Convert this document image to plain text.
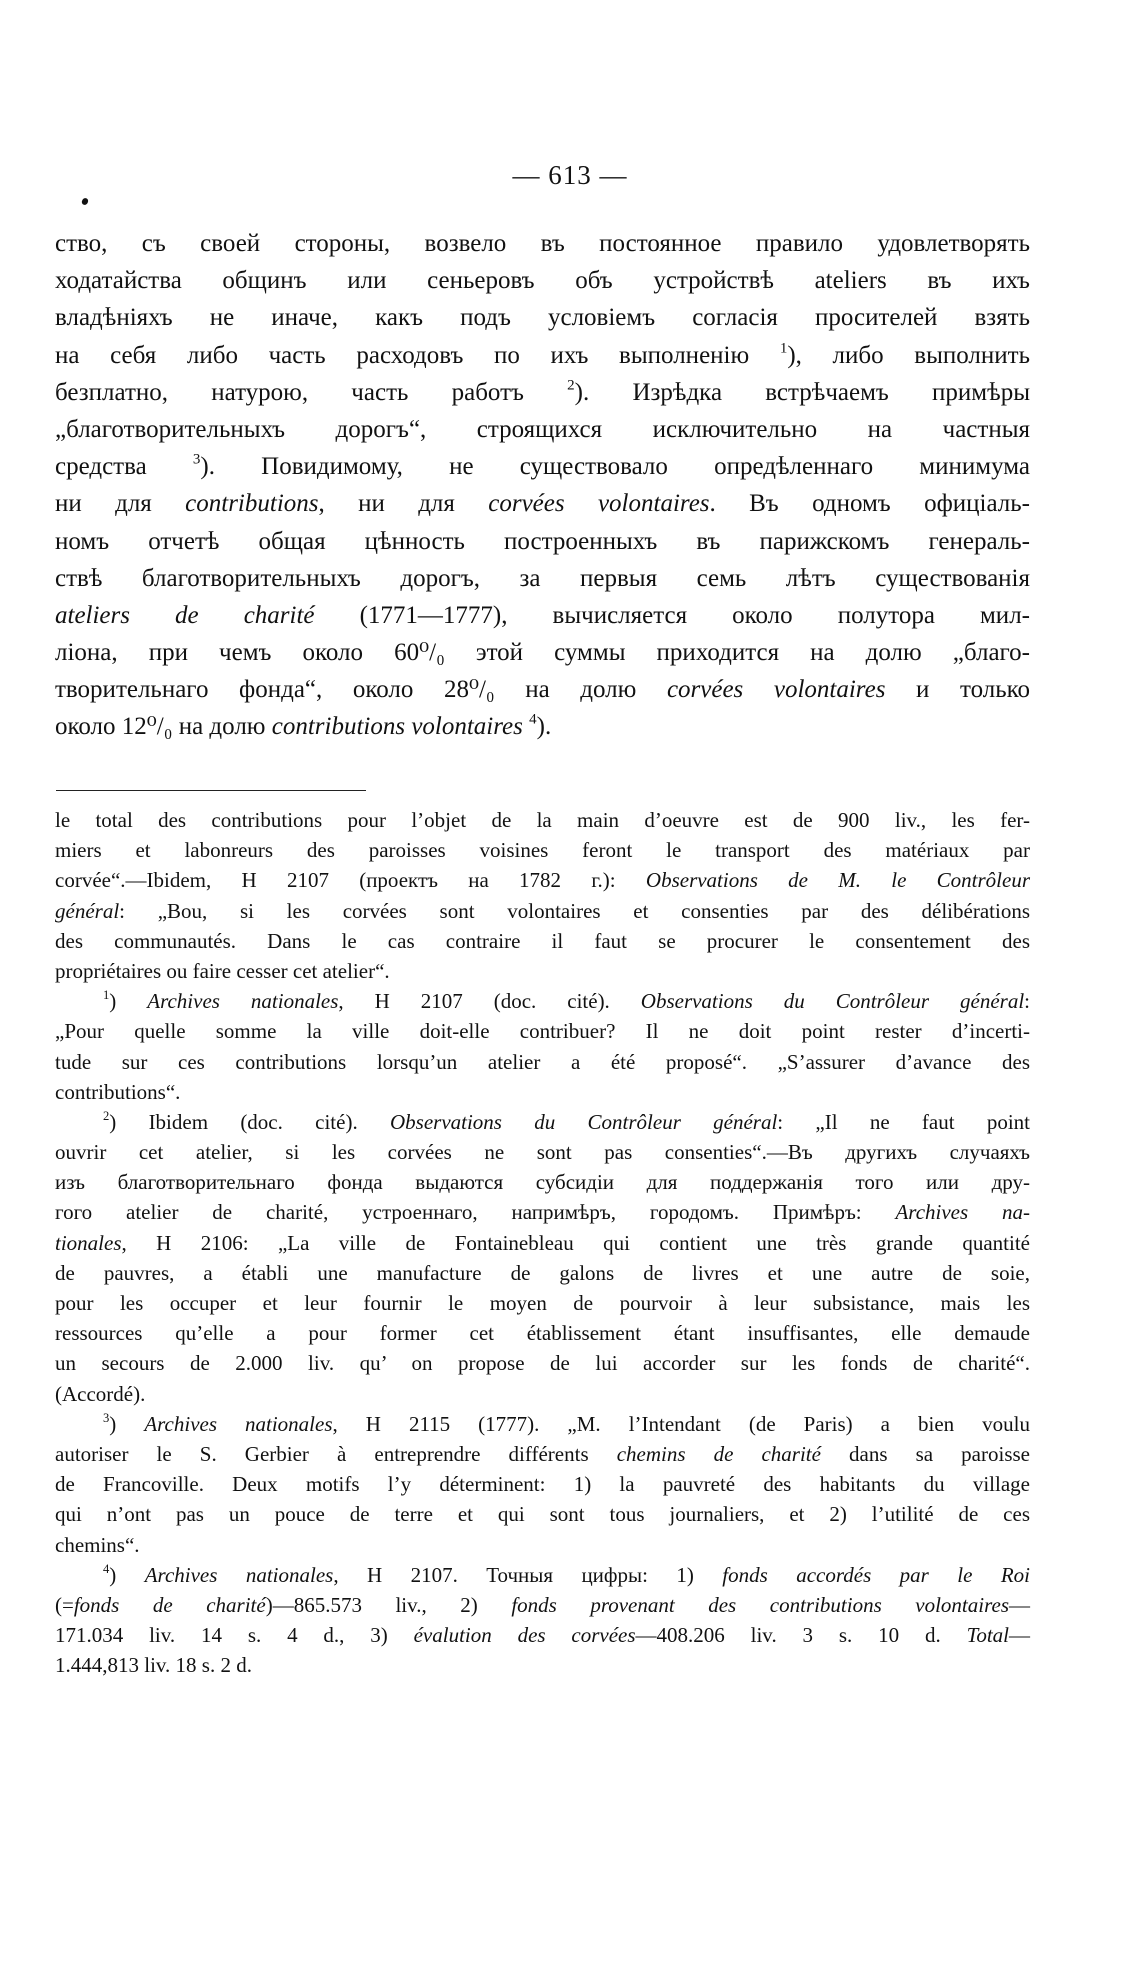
— 613 —
ство, съ своей стороны, возвело въ постоянное правило удовлетворять
ходатайства общинъ или сеньеровъ объ устройствѣ ateliers въ ихъ
владѣніяхъ не иначе, какъ подъ условіемъ согласія просителей взять
на себя либо часть расходовъ по ихъ выполненію $^1$), либо выполнить
безплатно, натурою, часть работъ $^2$). Изрѣдка встрѣчаемъ примѣры
„благотворительныхъ дорогъ“, строящихся исключительно на частныя
средства $^3$). Повидимому, не существовало опредѣленнаго минимума
ни для contributions, ни для corvées volontaires. Въ одномъ офиціаль-
номъ отчетѣ общая цѣнность построенныхъ въ парижскомъ генераль-
ствѣ благотворительныхъ дорогъ, за первыя семь лѣтъ существованія
ateliers de charité (1771—1777), вычисляется около полутора мил-
ліона, при чемъ около 60⁰/₀ этой суммы приходится на долю „благо-
творительнаго фонда“, около 28⁰/₀ на долю corvées volontaires и только
около 12⁰/₀ на долю contributions volontaires $^4$).
le total des contributions pour l’objet de la main d’oeuvre est de 900 liv., les fer-
miers et labonreurs des paroisses voisines feront le transport des matériaux par
corvée“.—Ibidem, H 2107 (проектъ на 1782 г.): Observations de M. le Contrôleur
général: „Bou, si les corvées sont volontaires et consenties par des délibérations
des communautés. Dans le cas contraire il faut se procurer le consentement des
propriétaires ou faire cesser cet atelier“.
$^1$) Archives nationales, H 2107 (doc. cité). Observations du Contrôleur général:
„Pour quelle somme la ville doit-elle contribuer? Il ne doit point rester d’incerti-
tude sur ces contributions lorsqu’un atelier a été proposé“. „S’assurer d’avance des
contributions“.
$^2$) Ibidem (doc. cité). Observations du Contrôleur général: „Il ne faut point
ouvrir cet atelier, si les corvées ne sont pas consenties“.—Въ другихъ случаяхъ
изъ благотворительнаго фонда выдаются субсидіи для поддержанія того или дру-
гого atelier de charité, устроеннаго, напримѣръ, городомъ. Примѣръ: Archives na-
tionales, H 2106: „La ville de Fontainebleau qui contient une très grande quantité
de pauvres, a établi une manufacture de galons de livres et une autre de soie,
pour les occuper et leur fournir le moyen de pourvoir à leur subsistance, mais les
ressources qu’elle a pour former cet établissement étant insuffisantes, elle demaude
un secours de 2.000 liv. qu’ on propose de lui accorder sur les fonds de charité“.
(Accordé).
$^3$) Archives nationales, H 2115 (1777). „M. l’Intendant (de Paris) a bien voulu
autoriser le S. Gerbier à entreprendre différents chemins de charité dans sa paroisse
de Francoville. Deux motifs l’y déterminent: 1) la pauvreté des habitants du village
qui n’ont pas un pouce de terre et qui sont tous journaliers, et 2) l’utilité de ces
chemins“.
$^4$) Archives nationales, H 2107. Точныя цифры: 1) fonds accordés par le Roi
(=fonds de charité)—865.573 liv., 2) fonds provenant des contributions volontaires—
171.034 liv. 14 s. 4 d., 3) évalution des corvées—408.206 liv. 3 s. 10 d. Total—
1.444,813 liv. 18 s. 2 d.
